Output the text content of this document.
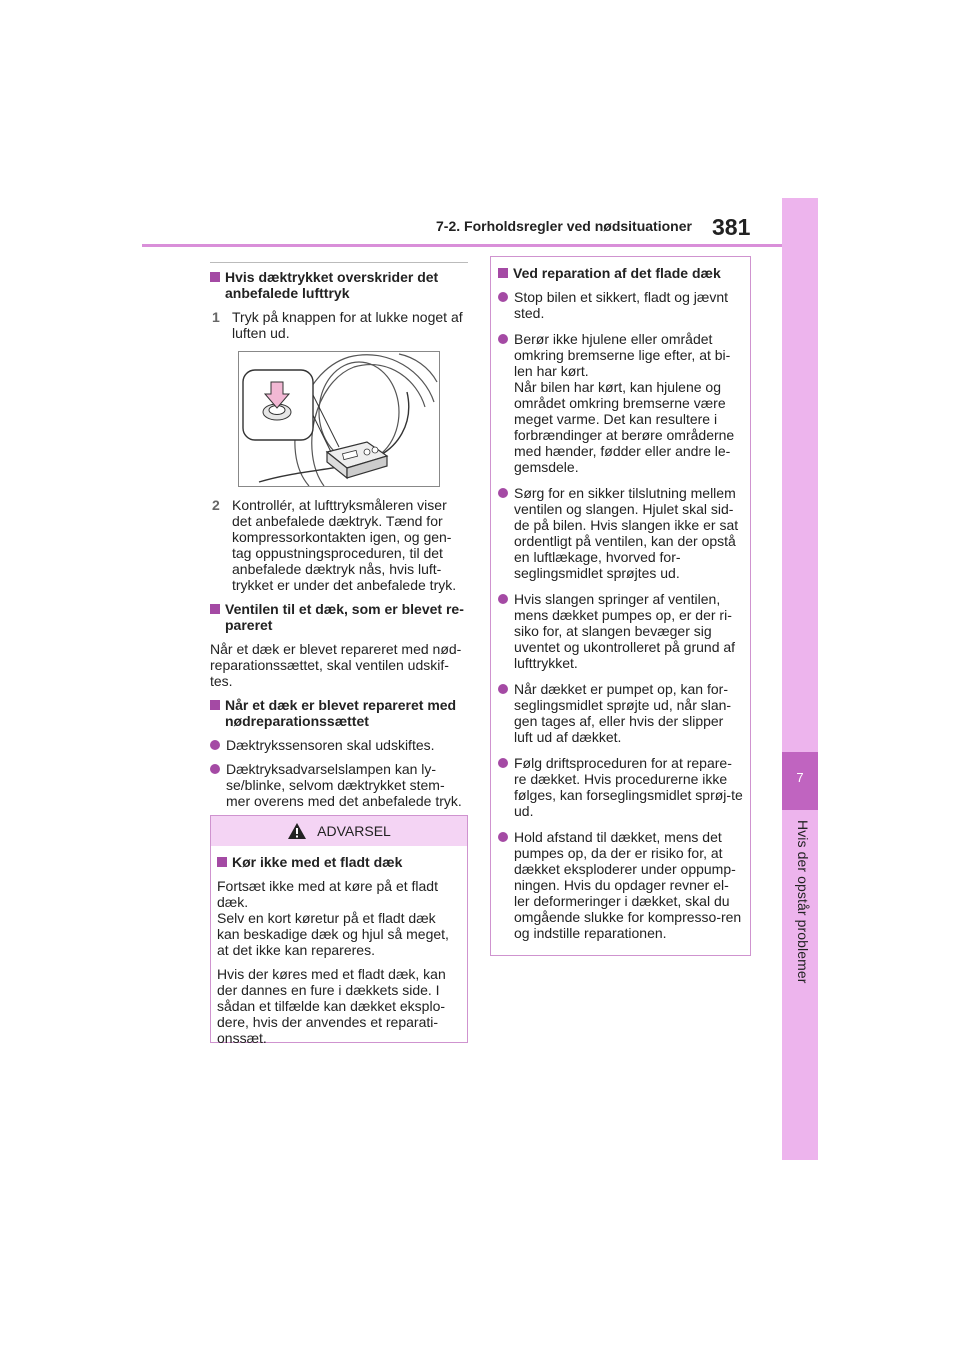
7-2. Forholdsregler ved nødsituationer 381
7
Hvis der opstår problemer
Hvis dæktrykket overskrider det anbefalede lufttryk
1 Tryk på knappen for at lukke noget af luften ud.
2 Kontrollér, at lufttryksmåleren viser det anbefalede dæktryk. Tænd for kompressorkontakten igen, og gen-tag oppustningsproceduren, til det anbefalede dæktryk nås, hvis luft-trykket er under det anbefalede tryk.
Ventilen til et dæk, som er blevet re-pareret
Når et dæk er blevet repareret med nød-reparationssættet, skal ventilen udskif-tes.
Når et dæk er blevet repareret med nødreparationssættet
Dæktrykssensoren skal udskiftes.
Dæktryksadvarselslampen kan ly-se/blinke, selvom dæktrykket stem-mer overens med det anbefalede tryk.
ADVARSEL
Kør ikke med et fladt dæk
Fortsæt ikke med at køre på et fladt dæk.
Selv en kort køretur på et fladt dæk kan beskadige dæk og hjul så meget, at det ikke kan repareres.
Hvis der køres med et fladt dæk, kan der dannes en fure i dækkets side. I sådan et tilfælde kan dækket eksplo-dere, hvis der anvendes et reparati-onssæt.
Ved reparation af det flade dæk
Stop bilen et sikkert, fladt og jævnt sted.
Berør ikke hjulene eller området omkring bremserne lige efter, at bi-len har kørt.
Når bilen har kørt, kan hjulene og området omkring bremserne være meget varme. Det kan resultere i forbrændinger at berøre områderne med hænder, fødder eller andre le-gemsdele.
Sørg for en sikker tilslutning mellem ventilen og slangen. Hjulet skal sid-de på bilen. Hvis slangen ikke er sat ordentligt på ventilen, kan der opstå en luftlækage, hvorved for-seglingsmidlet sprøjtes ud.
Hvis slangen springer af ventilen, mens dækket pumpes op, er der ri-siko for, at slangen bevæger sig uventet og ukontrolleret på grund af lufttrykket.
Når dækket er pumpet op, kan for-seglingsmidlet sprøjte ud, når slan-gen tages af, eller hvis der slipper luft ud af dækket.
Følg driftsproceduren for at repare-re dækket. Hvis procedurerne ikke følges, kan forseglingsmidlet sprøj-te ud.
Hold afstand til dækket, mens det pumpes op, da der er risiko for, at dækket eksploderer under oppump-ningen. Hvis du opdager revner el-ler deformeringer i dækket, skal du omgående slukke for kompresso-ren og indstille reparationen.
